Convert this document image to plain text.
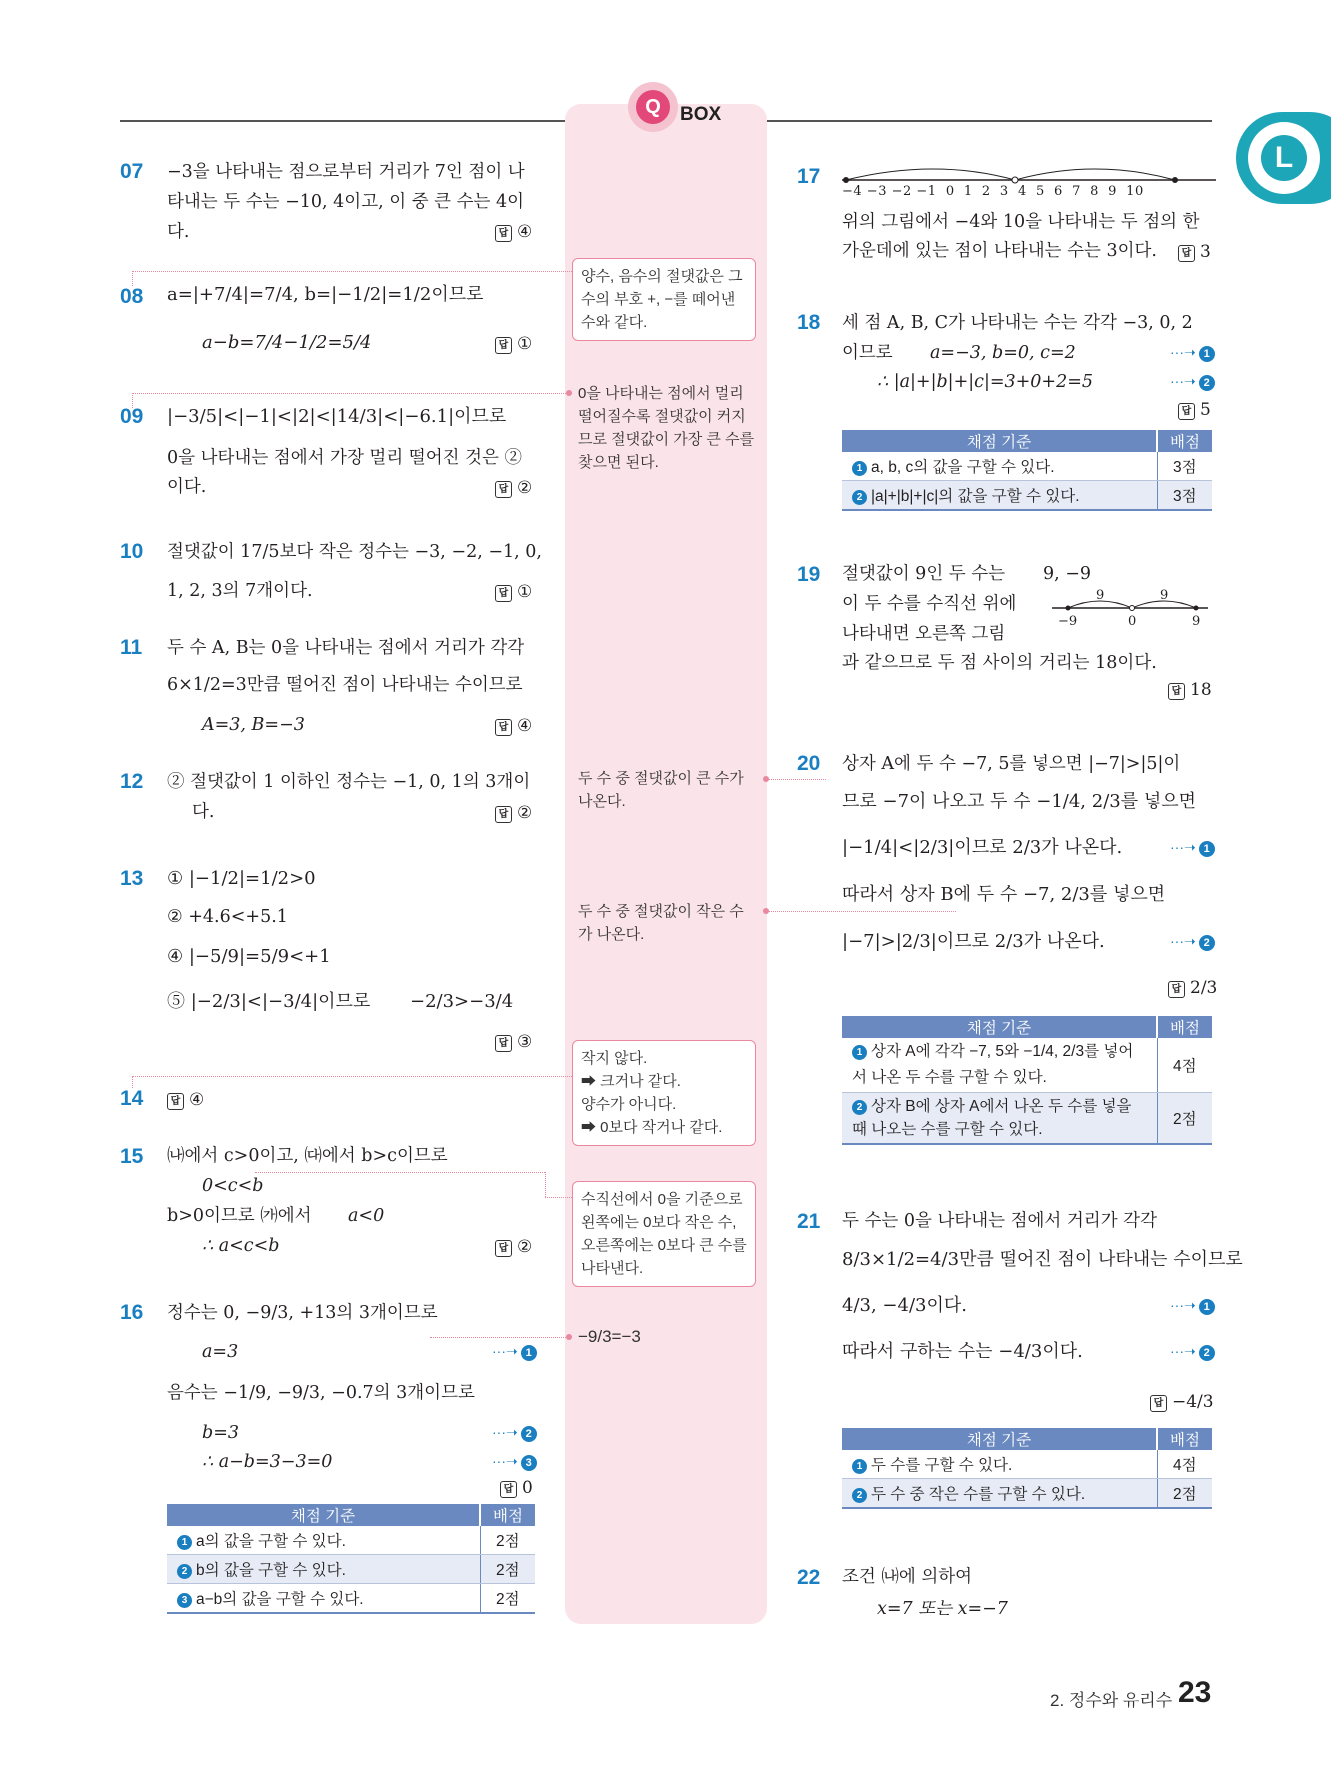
Q	BOX
L
07 −3을 나타내는 점으로부터 거리가 7인 점이 나
타내는 두 수는 −10, 4이고, 이 중 큰 수는 4이
다.	답 ④
08 a=|+7/4|=7/4, b=|−1/2|=1/2이므로
a−b=7/4−1/2=5/4	답 ①
09 |−3/5|<|−1|<|2|<|14/3|<|−6.1|이므로
0을 나타내는 점에서 가장 멀리 떨어진 것은 ②
이다.	답 ②
10 절댓값이 17/5보다 작은 정수는 −3, −2, −1, 0,
1, 2, 3의 7개이다.	답 ①
11 두 수 A, B는 0을 나타내는 점에서 거리가 각각
6×1/2=3만큼 떨어진 점이 나타내는 수이므로
A=3, B=−3	답 ④
12 ② 절댓값이 1 이하인 정수는 −1, 0, 1의 3개이
다.	답 ②
13 ① |−1/2|=1/2>0
② +4.6<+5.1
④ |−5/9|=5/9<+1
⑤ |−2/3|<|−3/4|이므로 −2/3>−3/4
답 ③
14	답 ④
15 ㈏에서 c>0이고, ㈐에서 b>c이므로
0<c<b
b>0이므로 ㈎에서 a<0
∴ a<c<b	답 ②
16 정수는 0, −9/3, +13의 3개이므로
a=3	···➝ 1
음수는 −1/9, −9/3, −0.7의 3개이므로
b=3	···➝ 2
∴ a−b=3−3=0	···➝ 3
답 0
채점 기준	배점
1 a의 값을 구할 수 있다.	2점
2 b의 값을 구할 수 있다.	2점
3 a−b의 값을 구할 수 있다.	2점
양수, 음수의 절댓값은 그 수의 부호 +, −를 떼어낸 수와 같다.
0을 나타내는 점에서 멀리 떨어질수록 절댓값이 커지므로 절댓값이 가장 큰 수를 찾으면 된다.
두 수 중 절댓값이 큰 수가 나온다.
두 수 중 절댓값이 작은 수가 나온다.
작지 않다.
➡ 크거나 같다.
양수가 아니다.
➡ 0보다 작거나 같다.
수직선에서 0을 기준으로 왼쪽에는 0보다 작은 수, 오른쪽에는 0보다 큰 수를 나타낸다.
−9/3=−3
17
−4 −3 −2 −1  0  1  2  3  4  5  6  7  8  9  10
위의 그림에서 −4와 10을 나타내는 두 점의 한
가운데에 있는 점이 나타내는 수는 3이다.	답 3
18 세 점 A, B, C가 나타내는 수는 각각 −3, 0, 2
이므로 a=−3, b=0, c=2	···➝ 1
∴ |a|+|b|+|c|=3+0+2=5	···➝ 2
답 5
채점 기준	배점
1 a, b, c의 값을 구할 수 있다.	3점
2 |a|+|b|+|c|의 값을 구할 수 있다.	3점
19 절댓값이 9인 두 수는 9, −9
이 두 수를 수직선 위에
나타내면 오른쪽 그림
9	9
−9	0	9
과 같으므로 두 점 사이의 거리는 18이다.
답 18
20 상자 A에 두 수 −7, 5를 넣으면 |−7|>|5|이
므로 −7이 나오고 두 수 −1/4, 2/3를 넣으면
|−1/4|<|2/3|이므로 2/3가 나온다.	···➝ 1
따라서 상자 B에 두 수 −7, 2/3를 넣으면
|−7|>|2/3|이므로 2/3가 나온다.	···➝ 2
답 2/3
채점 기준	배점
1 상자 A에 각각 −7, 5와 −1/4, 2/3를 넣어 서 나온 두 수를 구할 수 있다.	4점
2 상자 B에 상자 A에서 나온 두 수를 넣을 때 나오는 수를 구할 수 있다.	2점
21 두 수는 0을 나타내는 점에서 거리가 각각
8/3×1/2=4/3만큼 떨어진 점이 나타내는 수이므로
4/3, −4/3이다.	···➝ 1
따라서 구하는 수는 −4/3이다.	···➝ 2
답 −4/3
채점 기준	배점
1 두 수를 구할 수 있다.	4점
2 두 수 중 작은 수를 구할 수 있다.	2점
22 조건 ㈏에 의하여
x=7 또는 x=−7
2. 정수와 유리수 23
